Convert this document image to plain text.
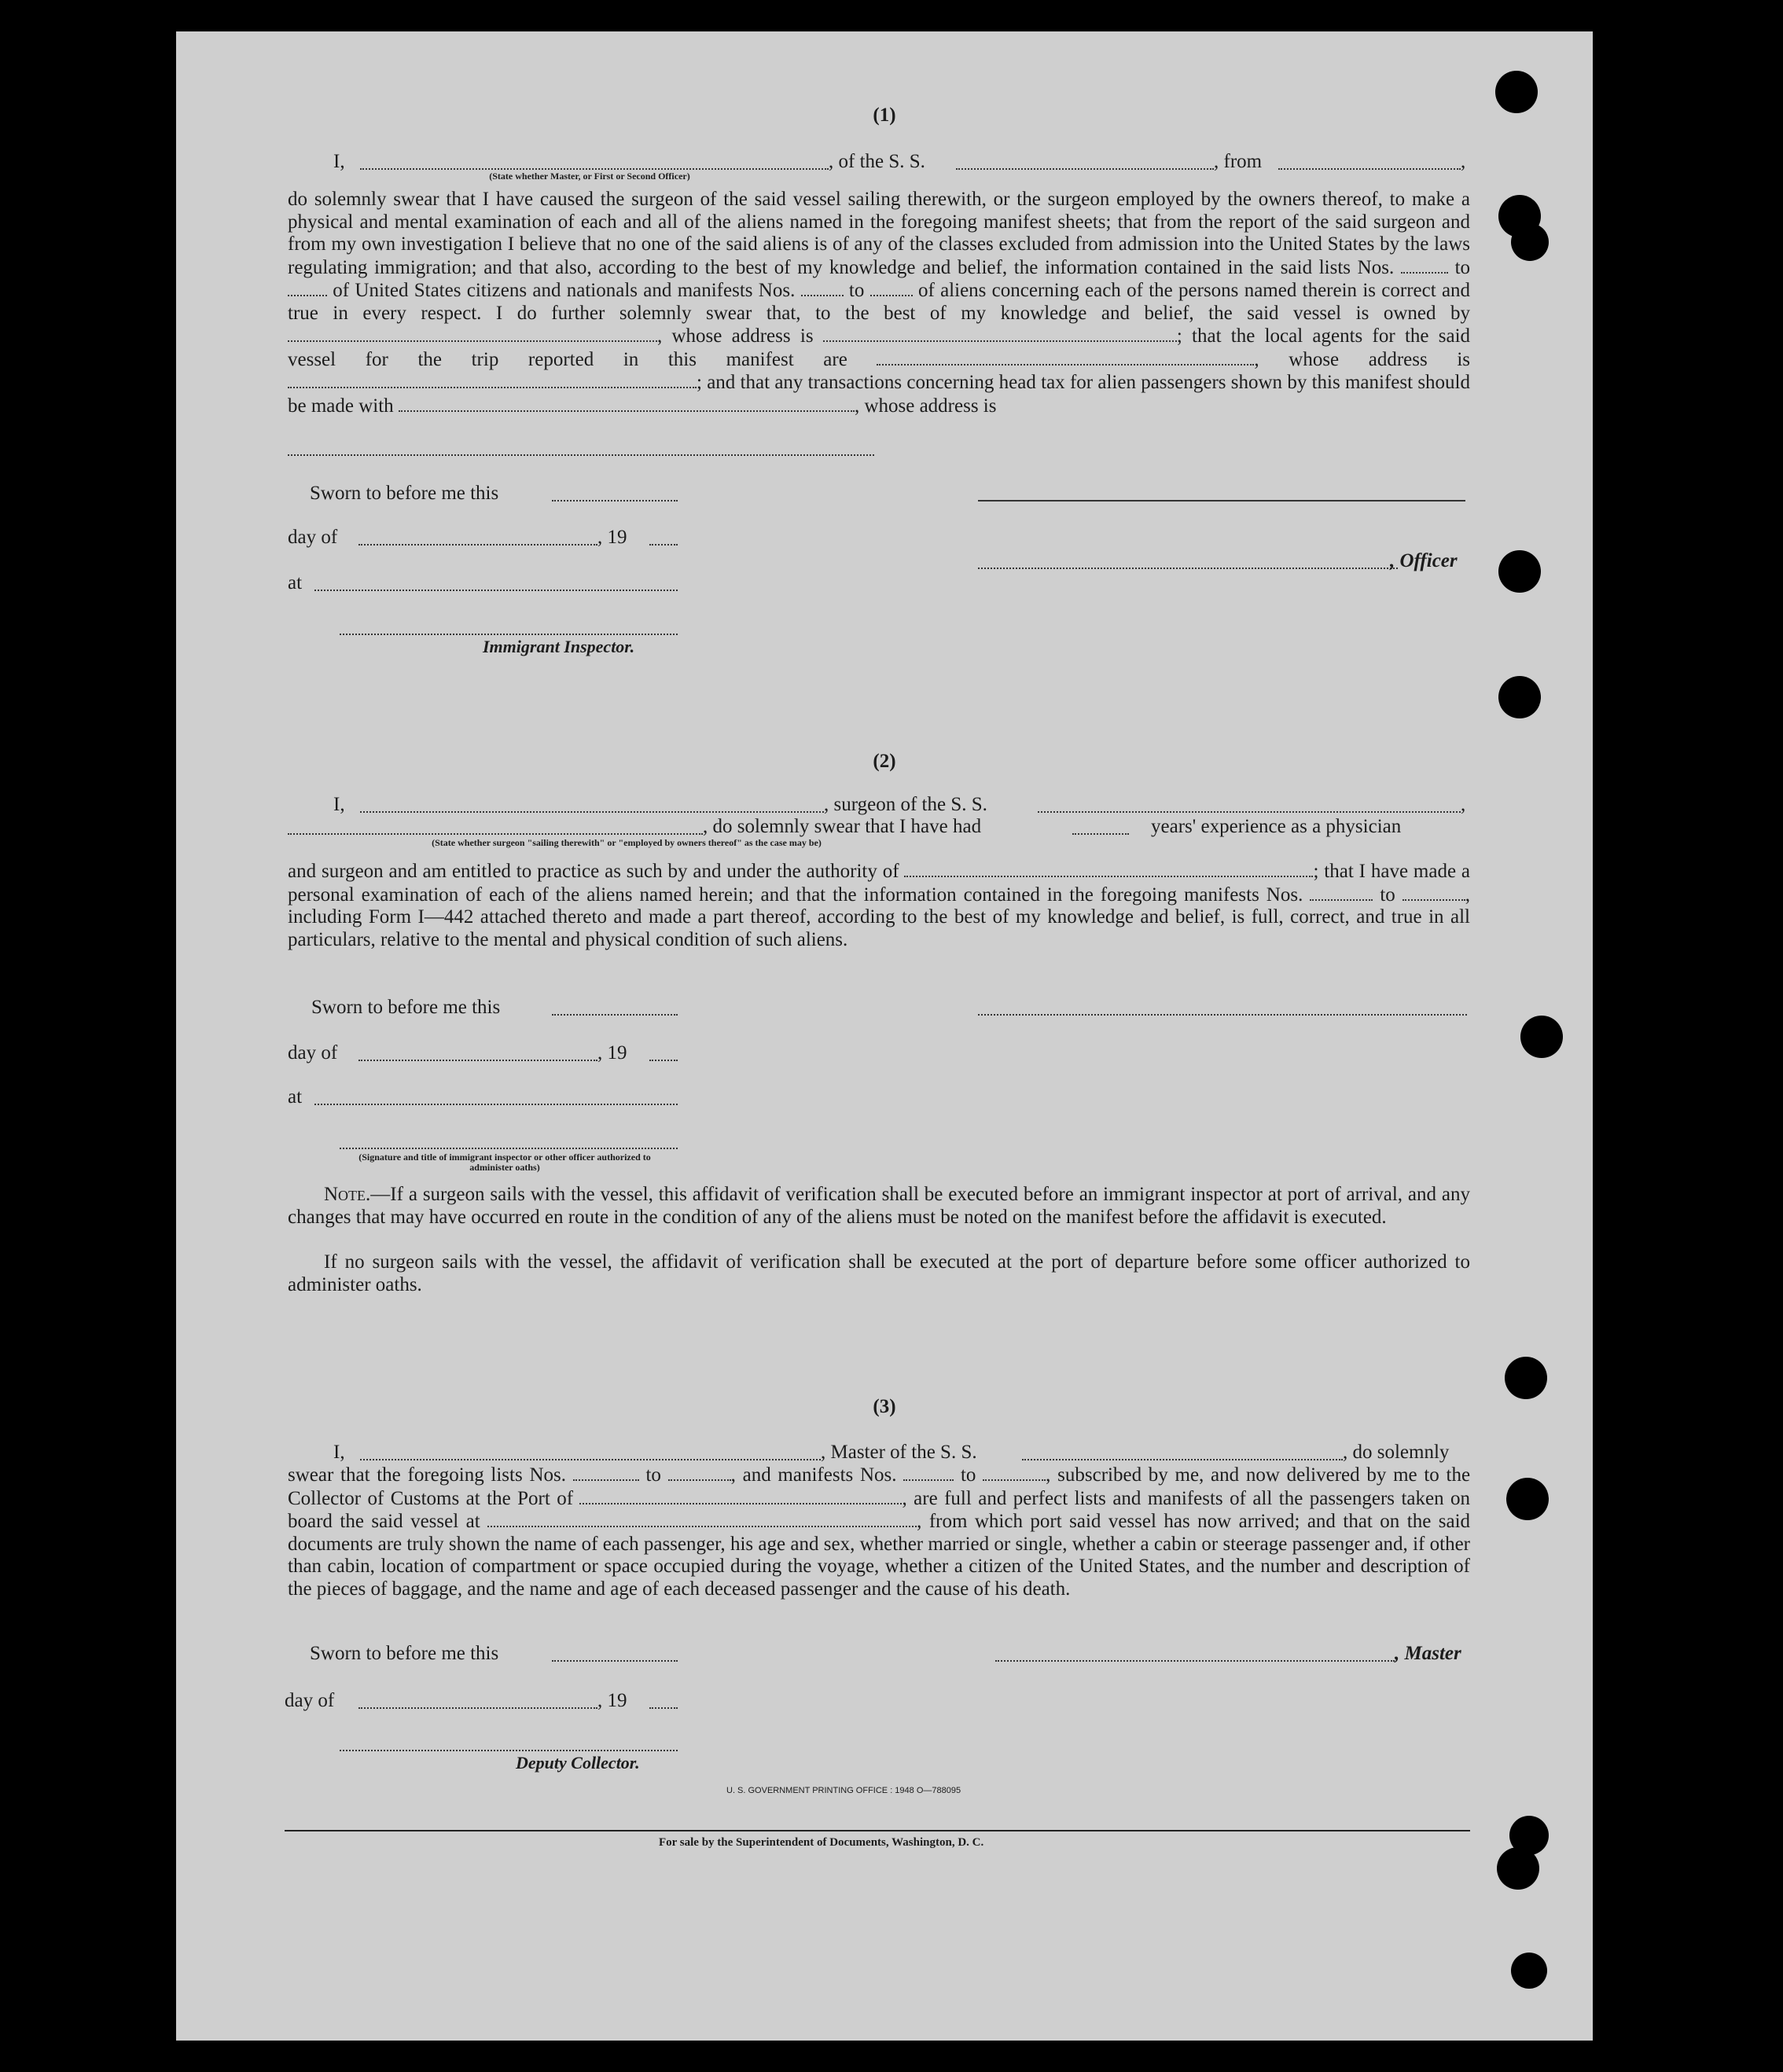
(1)
I,	, of the S. S.	, from	,
(State whether Master, or First or Second Officer)
do solemnly swear that I have caused the surgeon of the said vessel sailing therewith, or the surgeon employed by the owners thereof, to make a physical and mental examination of each and all of the aliens named in the foregoing manifest sheets; that from the report of the said surgeon and from my own investigation I believe that no one of the said aliens is of any of the classes excluded from admission into the United States by the laws regulating immigration; and that also, according to the best of my knowledge and belief, the information contained in the said lists Nos.	to  of United States citizens and nationals and manifests Nos.	to	of aliens concerning each of the persons named therein is correct and true in every respect. I do further solemnly swear that, to the best of my knowledge and belief, the said vessel is owned by , whose address is	; that the local agents for the said vessel for the trip reported in this manifest are	, whose address is ; and that any transactions concerning head tax for alien passengers shown by this manifest should be made with	, whose address is
Sworn to before me this
day of	, 19
, Officer
at
Immigrant Inspector.
(2)
I,	, surgeon of the S. S.	,
, do solemnly swear that I have had	years' experience as a physician
(State whether surgeon "sailing therewith" or "employed by owners thereof" as the case may be)
and surgeon and am entitled to practice as such by and under the authority of	; that I have made a personal examination of each of the aliens named herein; and that the information contained in the foregoing manifests Nos.	to	, including Form I—442 attached thereto and made a part thereof, according to the best of my knowledge and belief, is full, correct, and true in all particulars, relative to the mental and physical condition of such aliens.
Sworn to before me this
day of	, 19
at
(Signature and title of immigrant inspector or other officer authorized to administer oaths)
Note.—If a surgeon sails with the vessel, this affidavit of verification shall be executed before an immigrant inspector at port of arrival, and any changes that may have occurred en route in the condition of any of the aliens must be noted on the manifest before the affidavit is executed.
If no surgeon sails with the vessel, the affidavit of verification shall be executed at the port of departure before some officer authorized to administer oaths.
(3)
I,	, Master of the S. S.	, do solemnly
swear that the foregoing lists Nos.	to	, and manifests Nos.	to	, subscribed by me, and now delivered by me to the Collector of Customs at the Port of	, are full and perfect lists and manifests of all the passengers taken on board the said vessel at	, from which port said vessel has now arrived; and that on the said documents are truly shown the name of each passenger, his age and sex, whether married or single, whether a cabin or steerage passenger and, if other than cabin, location of compartment or space occupied during the voyage, whether a citizen of the United States, and the number and description of the pieces of baggage, and the name and age of each deceased passenger and the cause of his death.
Sworn to before me this	, Master
day of	, 19
Deputy Collector.
U. S. GOVERNMENT PRINTING OFFICE : 1948 O—788095
For sale by the Superintendent of Documents, Washington, D. C.
